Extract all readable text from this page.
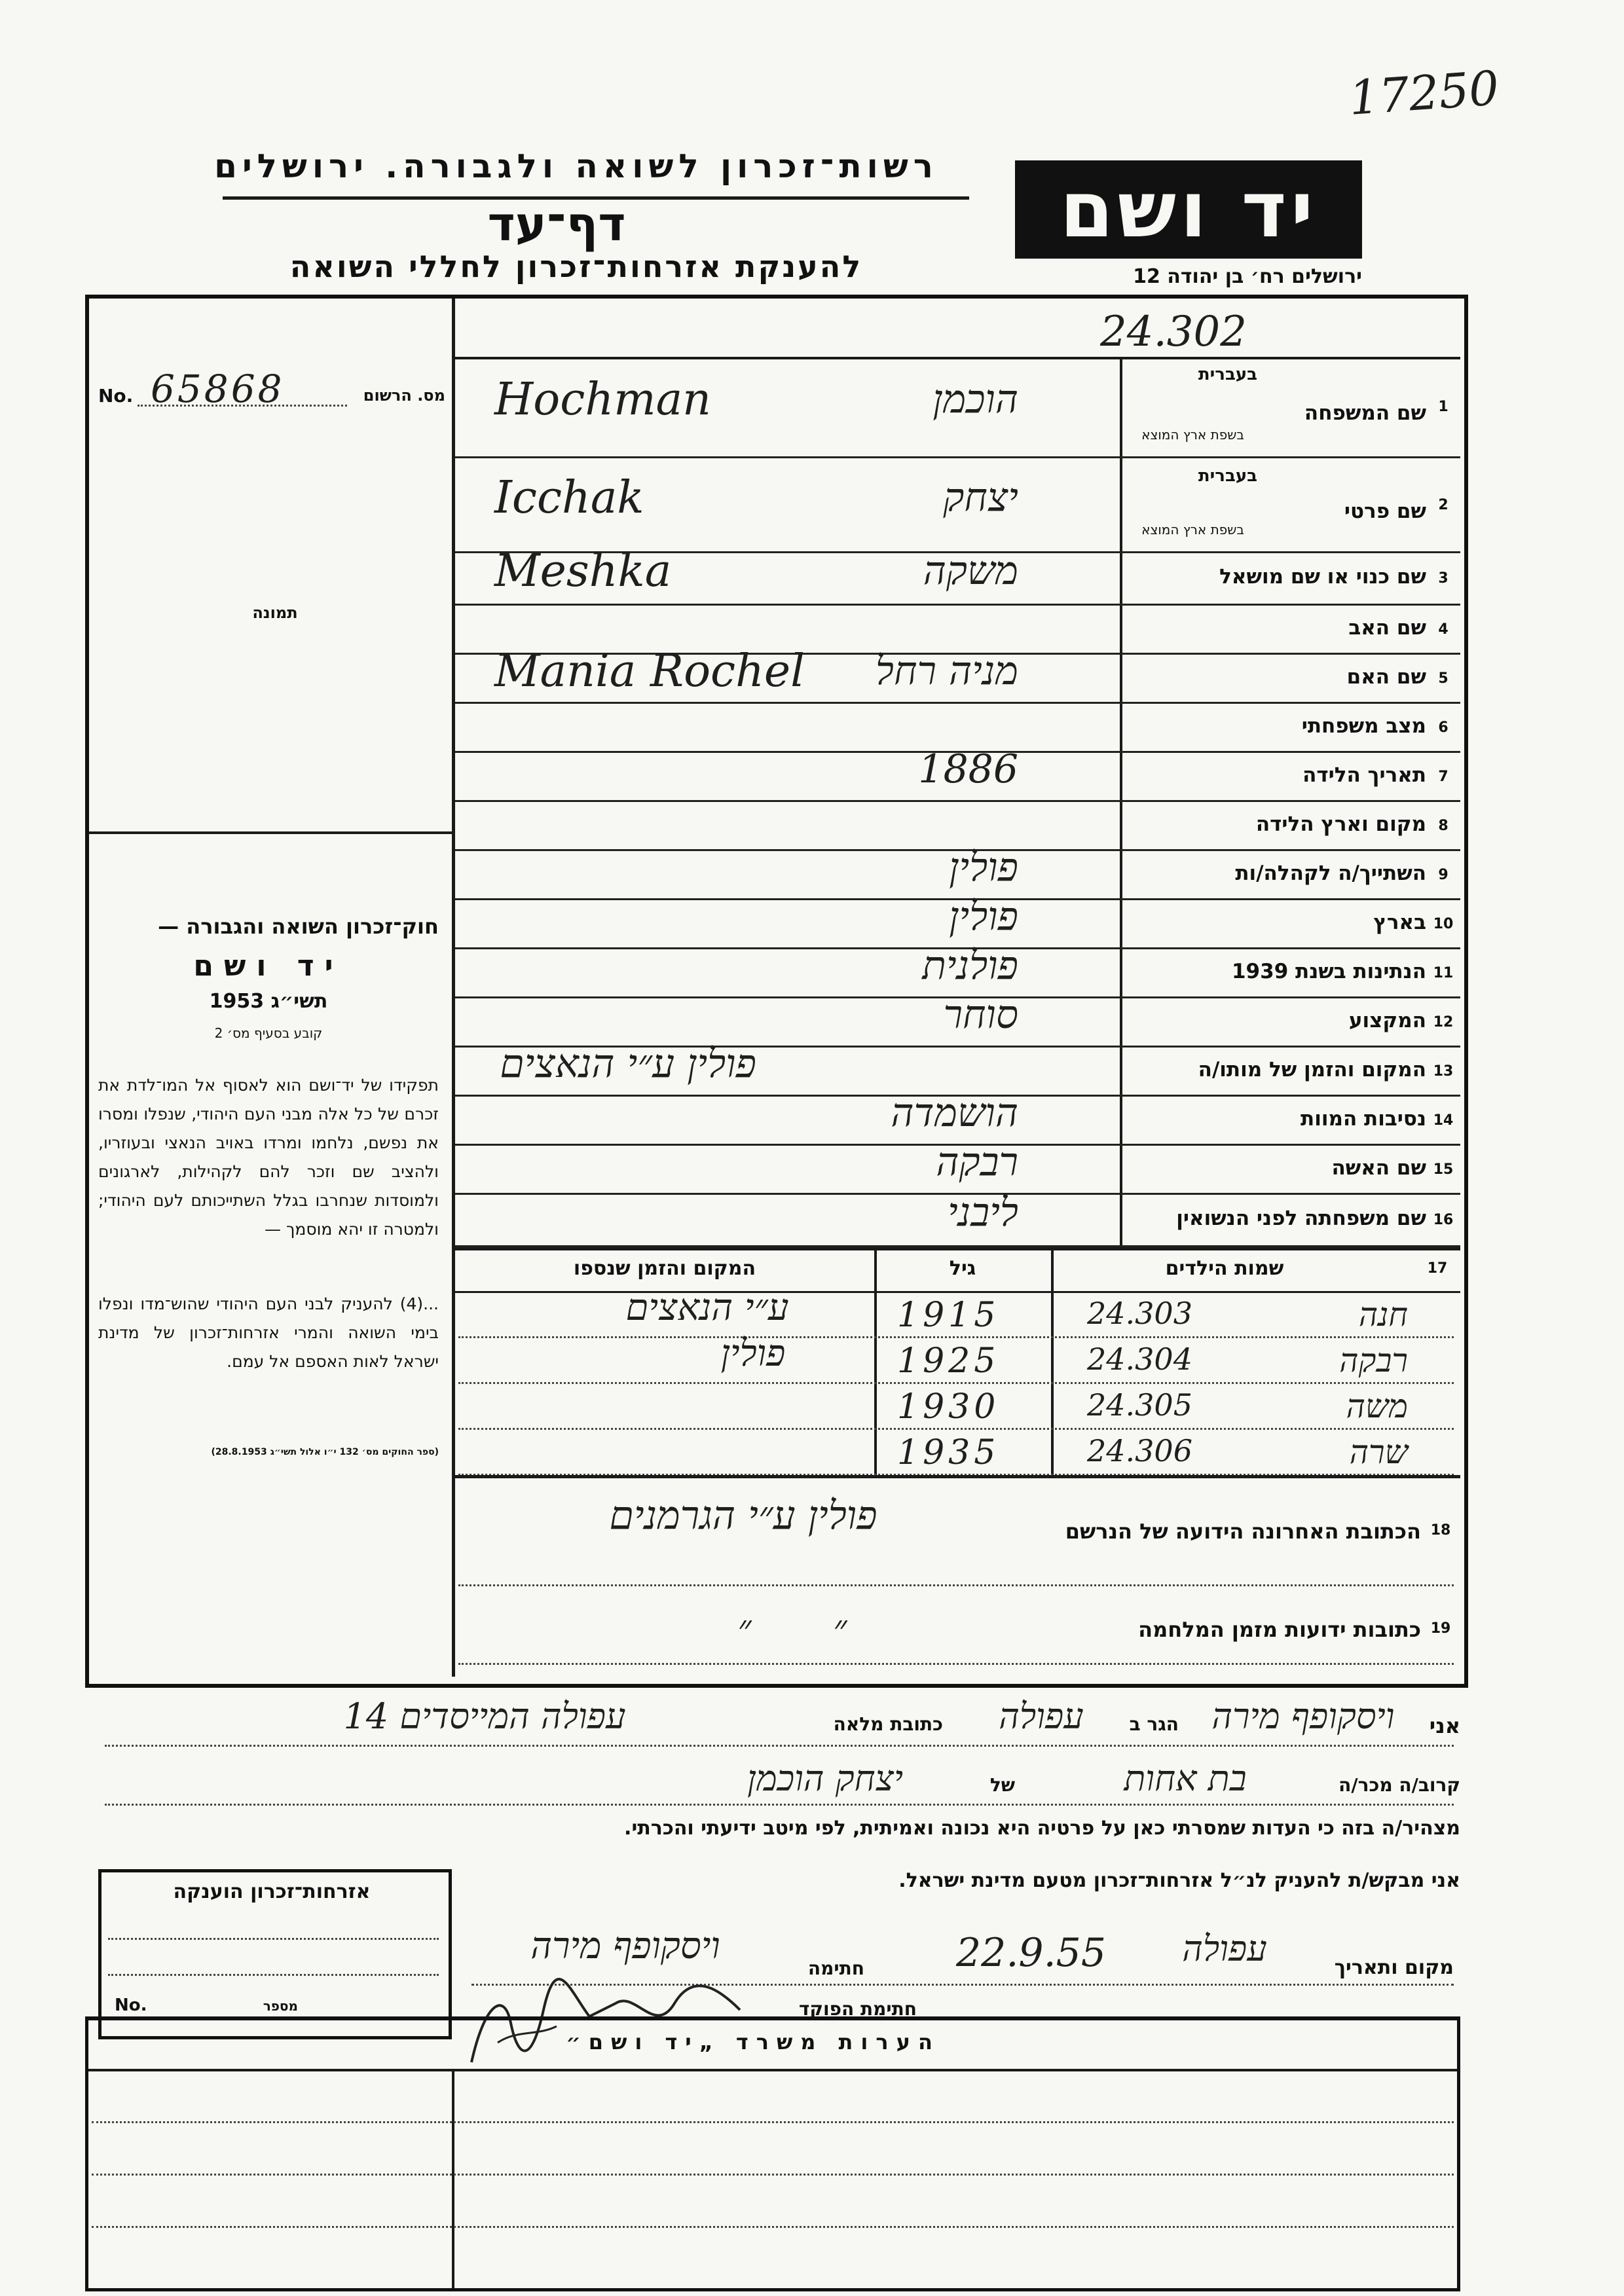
17250
רשות־זכרון לשואה ולגבורה. ירושלים
דף־עד
להענקת אזרחות־זכרון לחללי השואה
יד ושם
ירושלים רח׳ בן יהודה 12
24.302
No. 65868	מס. הרשום
תמונה
חוק־זכרון השואה והגבורה —
יד ושם
תשי״ג 1953
קובע בסעיף מס׳ 2
תפקידו של יד־ושם הוא לאסוף אל המו־לדת את זכרם של כל אלה מבני העם היהודי, שנפלו ומסרו את נפשם, נלחמו ומרדו באויב הנאצי ובעוזריו, ולהציב שם וזכר להם לקהילות, לארגונים ולמוסדות שנחרבו בגלל השתייכותם לעם היהודי; ולמטרה זו יהא מוסמך —
...(4) להעניק לבני העם היהודי שהוש־מדו ונפלו בימי השואה והמרי אזרחות־זכרון של מדינת ישראל לאות האספם אל עמם.
(ספר החוקים מס׳ 132 י״ו אלול תשי״ג 28.8.1953)
1
שם המשפחה
בעברית
בשפת ארץ המוצא
הוכמן
Hochman
2
שם פרטי
בעברית
בשפת ארץ המוצא
יצחק
Icchak
3
שם כנוי או שם מושאל
משקה
Meshka
4
שם האב
5
שם האם
מניה רחל
Mania Rochel
6
מצב משפחתי
7
תאריך הלידה
1886
8
מקום וארץ הלידה
9
השתייך/ה לקהלה/ות
פולין
10
בארץ
פולין
11
הנתינות בשנת 1939
פולנית
12
המקצוע
סוחר
13
המקום והזמן של מותו/ה
פולין ע״י הנאצים
14
נסיבות המוות
הושמדה
15
שם האשה
רבקה
16
שם משפחתה לפני הנשואין
ליבני
17
שמות הילדים
גיל
המקום והזמן שנספו
חנה
24.303
1915
ע״י הנאצים
רבקה
24.304
1925
פולין
משה
24.305
1930
שרה
24.306
1935
18
הכתובת האחרונה הידועה של הנרשם
פולין ע״י הגרמנים
19
כתובות ידועות מזמן המלחמה
״       ״
אני
ויסקופף מירה
הגר ב
עפולה
כתובת מלאה
עפולה המייסדים 14
קרוב/ה מכר/ה
בת אחות
של
יצחק הוכמן
מצהיר/ה בזה כי העדות שמסרתי כאן על פרטיה היא נכונה ואמיתית, לפי מיטב ידיעתי והכרתי.
אני מבקש/ת להעניק לנ״ל אזרחות־זכרון מטעם מדינת ישראל.
אזרחות־זכרון הוענקה
מספר
No.
מקום ותאריך
עפולה
22.9.55
חתימה
ויסקופף מירה
חתימת הפוקד
הערות משרד „יד ושם״
